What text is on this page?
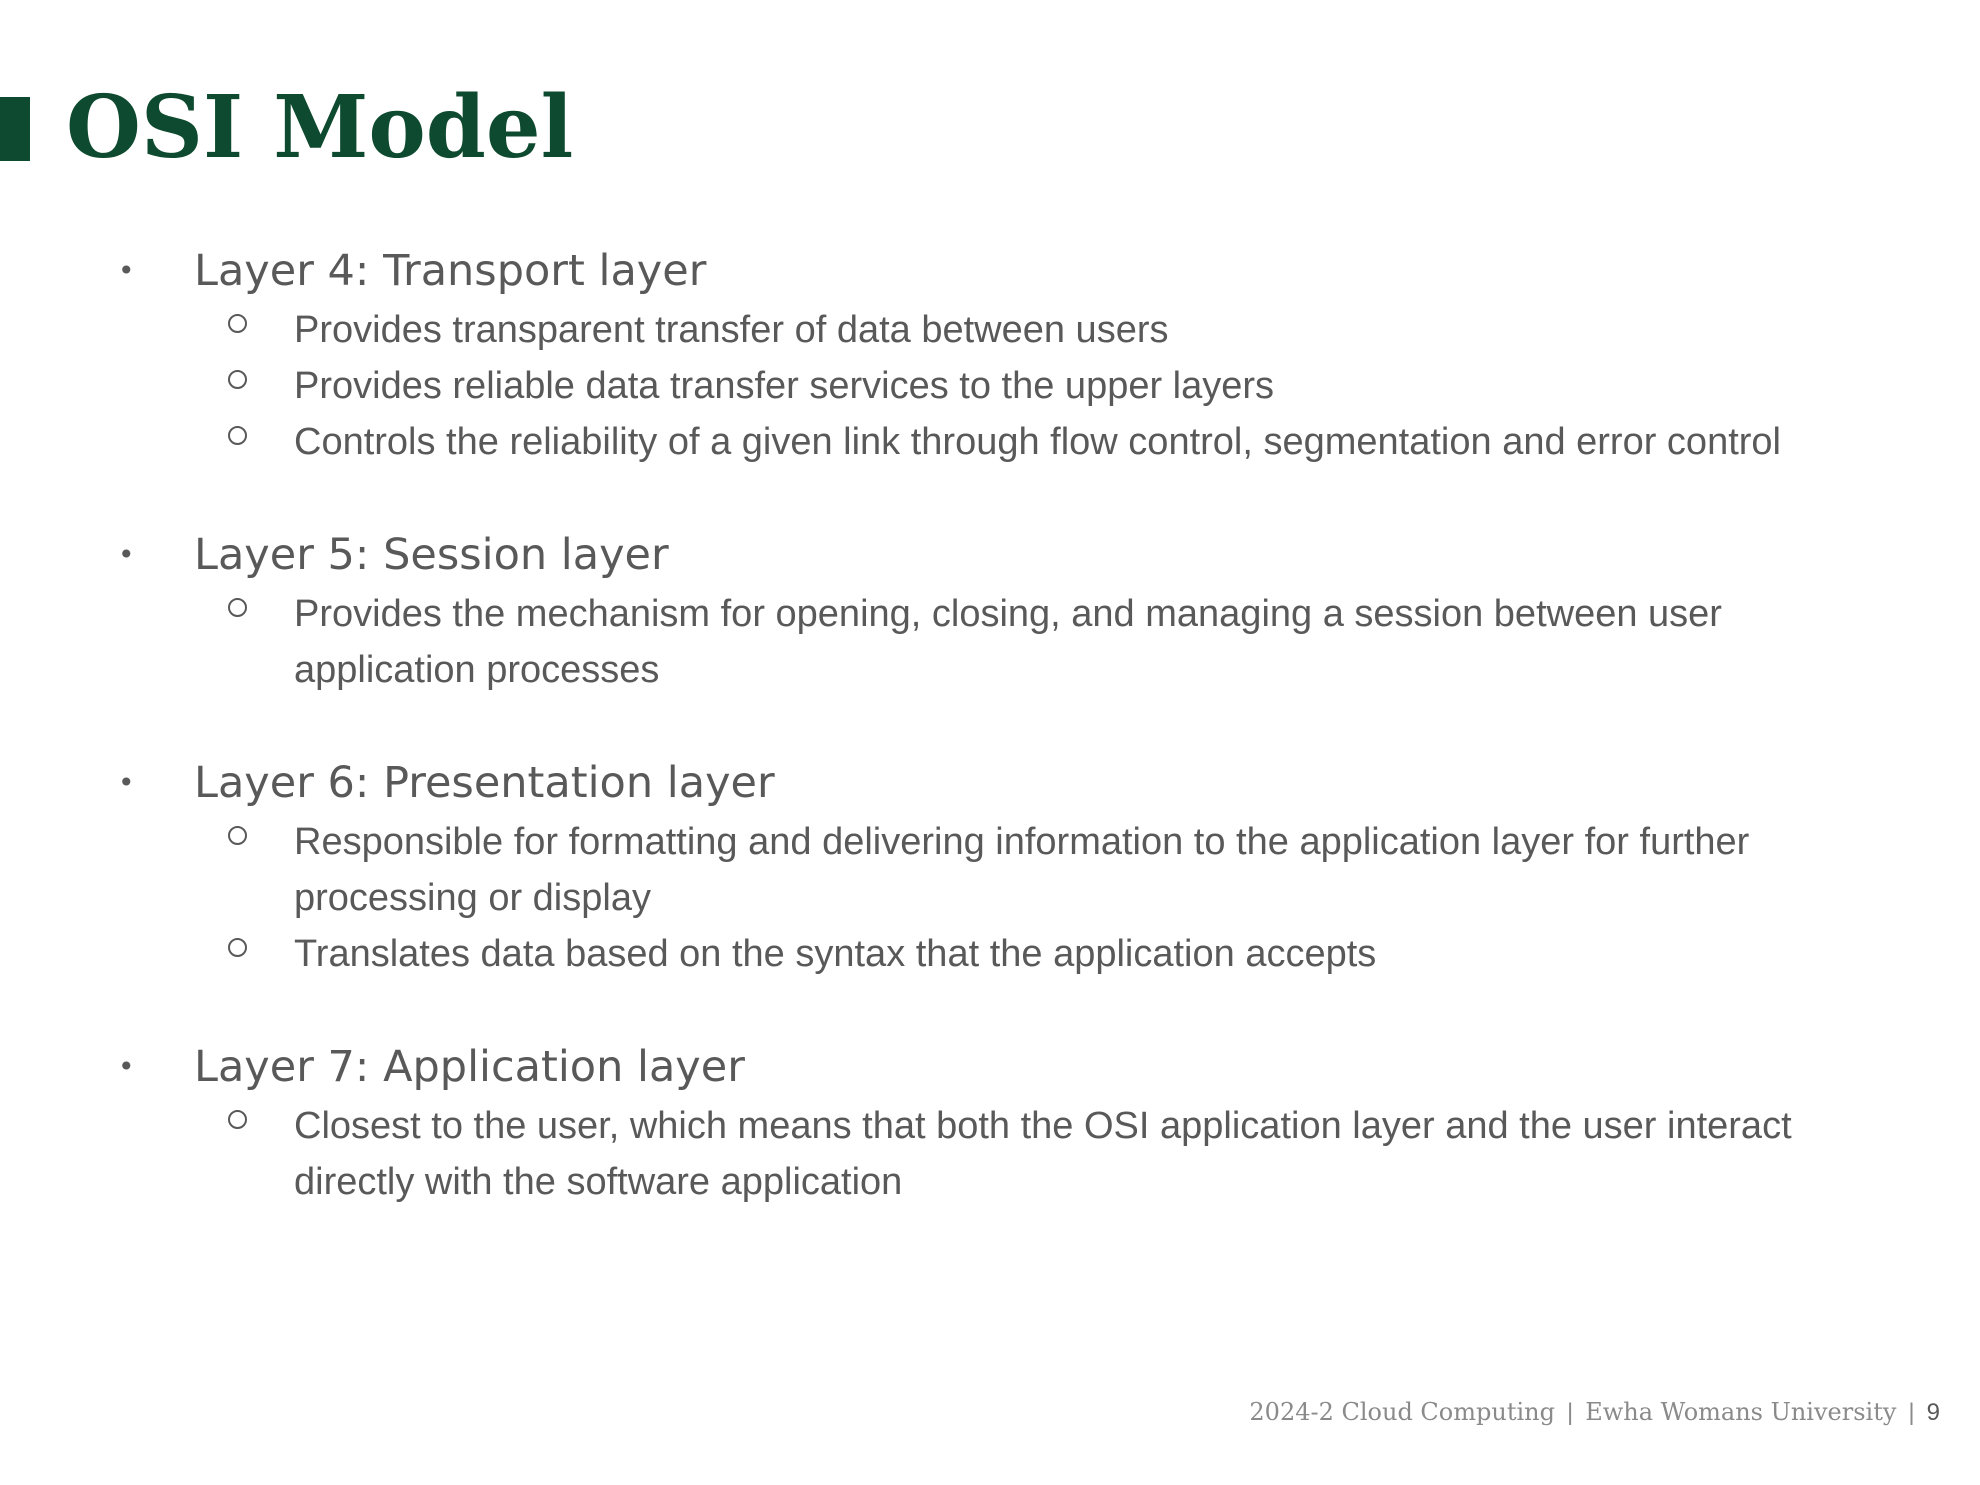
OSI Model
• Layer 4: Transport layer
Provides transparent transfer of data between users
Provides reliable data transfer services to the upper layers
Controls the reliability of a given link through flow control, segmentation and error control
• Layer 5: Session layer
Provides the mechanism for opening, closing, and managing a session between user application processes
• Layer 6: Presentation layer
Responsible for formatting and delivering information to the application layer for further processing or display
Translates data based on the syntax that the application accepts
• Layer 7: Application layer
Closest to the user, which means that both the OSI application layer and the user interact directly with the software application
2024-2 Cloud Computing | Ewha Womans University | 9
